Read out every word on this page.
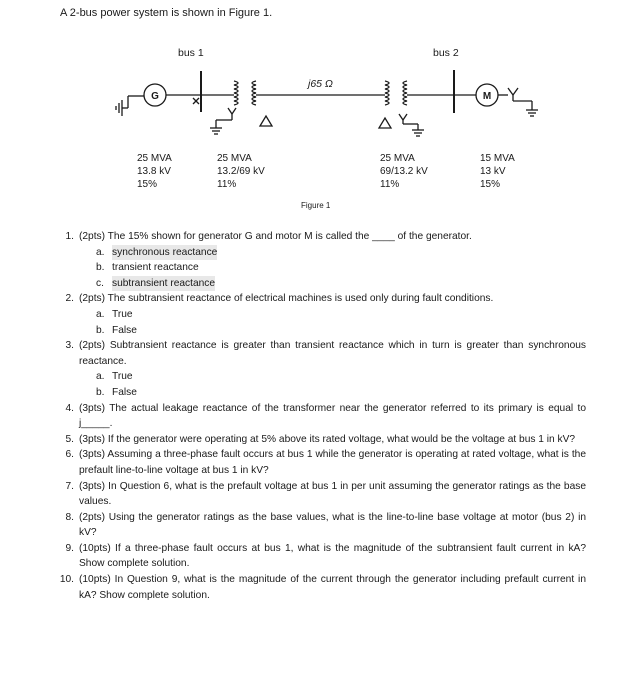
A 2-bus power system is shown in Figure 1.
bus 1	bus 2
j65 Ω
G	M
25 MVA
13.8 kV
15%
25 MVA
13.2/69 kV
11%
25 MVA
69/13.2 kV
11%
15 MVA
13 kV
15%
Figure 1
1. (2pts) The 15% shown for generator G and motor M is called the ____ of the generator.
a. synchronous reactance
b. transient reactance
c. subtransient reactance
2. (2pts) The subtransient reactance of electrical machines is used only during fault conditions.
a. True
b. False
3. (2pts) Subtransient reactance is greater than transient reactance which in turn is greater than synchronous reactance.
a. True
b. False
4. (3pts) The actual leakage reactance of the transformer near the generator referred to its primary is equal to j_____.
5. (3pts) If the generator were operating at 5% above its rated voltage, what would be the voltage at bus 1 in kV?
6. (3pts) Assuming a three-phase fault occurs at bus 1 while the generator is operating at rated voltage, what is the prefault line-to-line voltage at bus 1 in kV?
7. (3pts) In Question 6, what is the prefault voltage at bus 1 in per unit assuming the generator ratings as the base values.
8. (2pts) Using the generator ratings as the base values, what is the line-to-line base voltage at motor (bus 2) in kV?
9. (10pts) If a three-phase fault occurs at bus 1, what is the magnitude of the subtransient fault current in kA? Show complete solution.
10. (10pts) In Question 9, what is the magnitude of the current through the generator including prefault current in kA? Show complete solution.
